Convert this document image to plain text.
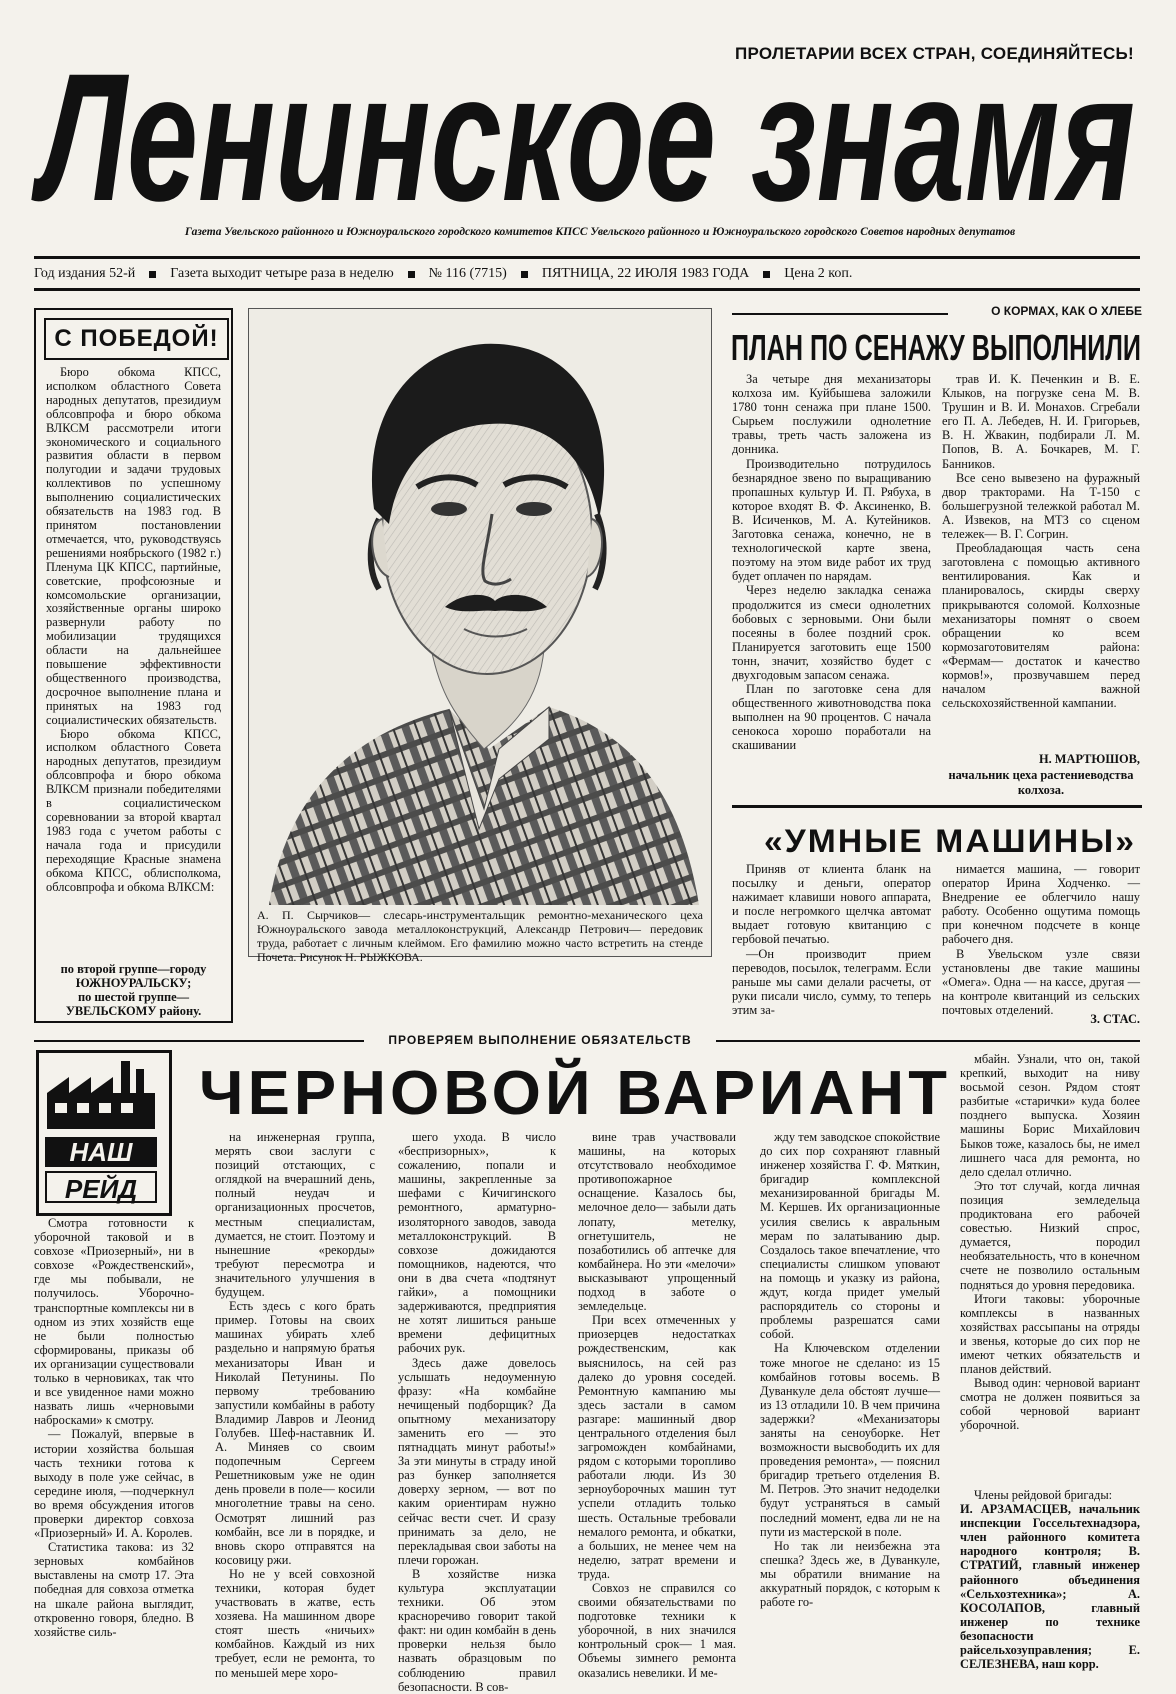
ПРОЛЕТАРИИ ВСЕХ СТРАН, СОЕДИНЯЙТЕСЬ!
Ленинское знамя
Газета Увельского районного и Южноуральского городского комитетов КПСС Увельского районного и Южноуральского городского Советов народных депутатов
Год издания 52-й	Газета выходит четыре раза в неделю	№ 116 (7715)	ПЯТНИЦА, 22 ИЮЛЯ 1983 ГОДА	Цена 2 коп.
С ПОБЕДОЙ!

Бюро обкома КПСС, исполком областного Совета народных депутатов, президиум облсовпрофа и бюро обкома ВЛКСМ рассмотрели итоги экономического и социального развития области в первом полугодии и задачи трудовых коллективов по успешному выполнению социалистических обязательств на 1983 год. В принятом постановлении отмечается, что, руководствуясь решениями ноябрьского (1982 г.) Пленума ЦК КПСС, партийные, советские, профсоюзные и комсомольские организации, хозяйственные органы широко развернули работу по мобилизации трудящихся области на дальнейшее повышение эффективности общественного производства, досрочное выполнение плана и принятых на 1983 год социалистических обязательств.

Бюро обкома КПСС, исполком областного Совета народных депутатов, президиум облсовпрофа и бюро обкома ВЛКСМ признали победителями в социалистическом соревновании за второй квартал 1983 года с учетом работы с начала года и присудили переходящие Красные знамена обкома КПСС, облисполкома, облсовпрофа и обкома ВЛКСМ:

по второй группе—городу ЮЖНОУРАЛЬСКУ;
по шестой группе—УВЕЛЬСКОМУ району.
А. П. Сырчиков— слесарь-инструментальщик ремонтно-механического цеха Южноуральского завода металлоконструкций, Александр Петрович— передовик труда, работает с личным клеймом. Его фамилию можно часто встретить на стенде Почета. Рисунок Н. РЫЖКОВА.
О КОРМАХ, КАК О ХЛЕБЕ
ПЛАН ПО СЕНАЖУ ВЫПОЛНИЛИ

За четыре дня механизаторы колхоза им. Куйбышева заложили 1780 тонн сенажа при плане 1500. Сырьем послужили однолетние травы, треть часть заложена из донника.

Производительно потрудилось безнарядное звено по выращиванию пропашных культур И. П. Рябуха, в которое входят В. Ф. Аксиненко, В. В. Исиченков, М. А. Кутейников. Заготовка сенажа, конечно, не в технологической карте звена, поэтому на этом виде работ их труд будет оплачен по нарядам.

Через неделю закладка сенажа продолжится из смеси однолетних бобовых с зерновыми. Они были посеяны в более поздний срок. Планируется заготовить еще 1500 тонн, значит, хозяйство будет с двухгодовым запасом сенажа.

План по заготовке сена для общественного животноводства пока выполнен на 90 процентов. С начала сенокоса хорошо поработали на скашивании

трав И. К. Печенкин и В. Е. Клыков, на погрузке сена М. В. Трушин и В. И. Монахов. Сгребали его П. А. Лебедев, Н. И. Григорьев, В. Н. Жвакин, подбирали Л. М. Попов, В. А. Бочкарев, М. Г. Банников.

Все сено вывезено на фуражный двор тракторами. На Т-150 с большегрузной тележкой работал М. А. Извеков, на МТЗ со сценом тележек— В. Г. Согрин.

Преобладающая часть сена заготовлена с помощью активного вентилирования. Как и планировалось, скирды сверху прикрываются соломой. Колхозные механизаторы помнят о своем обращении ко всем кормозаготовителям района: «Фермам— достаток и качество кормов!», прозвучавшем перед началом важной сельскохозяйственной кампании.

Н. МАРТЮШОВ,
начальник цеха растениеводства колхоза.
«УМНЫЕ МАШИНЫ»

Приняв от клиента бланк на посылку и деньги, оператор нажимает клавиши нового аппарата, и после негромкого щелчка автомат выдает готовую квитанцию с гербовой печатью.

—Он производит прием переводов, посылок, телеграмм. Если раньше мы сами делали расчеты, от руки писали число, сумму, то теперь этим за-

нимается машина, — говорит оператор Ирина Ходченко. — Внедрение ее облегчило нашу работу. Особенно ощутима помощь при конечном подсчете в конце рабочего дня.

В Увельском узле связи установлены две такие машины «Омега». Одна — на кассе, другая — на контроле квитанций из сельских почтовых отделений.

З. СТАС.
ПРОВЕРЯЕМ ВЫПОЛНЕНИЕ ОБЯЗАТЕЛЬСТВ
НАШ
РЕЙД
ЧЕРНОВОЙ ВАРИАНТ

Смотра готовности к уборочной таковой и в совхозе «Приозерный», ни в совхозе «Рождественский», где мы побывали, не получилось. Уборочно-транспортные комплексы ни в одном из этих хозяйств еще не были полностью сформированы, приказы об их организации существовали только в черновиках, так что и все увиденное нами можно назвать лишь «черновыми набросками» к смотру.

— Пожалуй, впервые в истории хозяйства большая часть техники готова к выходу в поле уже сейчас, в середине июля, —подчеркнул во время обсуждения итогов проверки директор совхоза «Приозерный» И. А. Королев.

Статистика такова: из 32 зерновых комбайнов выставлены на смотр 17. Эта победная для совхоза отметка на шкале района выглядит, откровенно говоря, бледно. В хозяйстве силь-

на инженерная группа, мерять свои заслуги с позиций отстающих, с оглядкой на вчерашний день, полный неудач и организационных просчетов, местным специалистам, думается, не стоит. Поэтому и нынешние «рекорды» требуют пересмотра и значительного улучшения в будущем.

Есть здесь с кого брать пример. Готовы на своих машинах убирать хлеб раздельно и напрямую братья механизаторы Иван и Николай Петунины. По первому требованию запустили комбайны в работу Владимир Лавров и Леонид Голубев. Шеф-наставник И. А. Миняев со своим подопечным Сергеем Решетниковым уже не один день провели в поле— косили многолетние травы на сено. Осмотрят лишний раз комбайн, все ли в порядке, и вновь скоро отправятся на косовицу ржи.

Но не у всей совхозной техники, которая будет участвовать в жатве, есть хозяева. На машинном дворе стоят шесть «ничьих» комбайнов. Каждый из них требует, если не ремонта, то по меньшей мере хоро-

шего ухода. В число «беспризорных», к сожалению, попали и машины, закрепленные за шефами с Кичигинского ремонтного, арматурно-изоляторного заводов, завода металлоконструкций. В совхозе дожидаются помощников, надеются, что они в два счета «подтянут гайки», а помощники задерживаются, предприятия не хотят лишиться раньше времени дефицитных рабочих рук.

Здесь даже довелось услышать недоуменную фразу: «На комбайне нечищеный подборщик? Да опытному механизатору заменить его — это пятнадцать минут работы!» За эти минуты в страду иной раз бункер заполняется доверху зерном, — вот по каким ориентирам нужно сейчас вести счет. И сразу принимать за дело, не перекладывая свои заботы на плечи горожан.

В хозяйстве низка культура эксплуатации техники. Об этом красноречиво говорит такой факт: ни один комбайн в день проверки нельзя было назвать образцовым по соблюдению правил безопасности. В сов-

вине трав участвовали машины, на которых отсутствовало необходимое противопожарное оснащение. Казалось бы, мелочное дело— забыли дать лопату, метелку, огнетушитель, не позаботились об аптечке для комбайнера. Но эти «мелочи» высказывают упрощенный подход в заботе о земледельце.

При всех отмеченных у приозерцев недостатках рождественским, как выяснилось, на сей раз далеко до уровня соседей. Ремонтную кампанию мы здесь застали в самом разгаре: машинный двор центрального отделения был загроможден комбайнами, рядом с которыми торопливо работали люди. Из 30 зерноуборочных машин тут успели отладить только шесть. Остальные требовали немалого ремонта, и обкатки, а больших, не менее чем на неделю, затрат времени и труда.

Совхоз не справился со своими обязательствами по подготовке техники к уборочной, в них значился контрольный срок— 1 мая. Объемы зимнего ремонта оказались невелики. И ме-

жду тем заводское спокойствие до сих пор сохраняют главный инженер хозяйства Г. Ф. Мяткин, бригадир комплексной механизированной бригады М. М. Кершев. Их организационные усилия свелись к авральным мерам по залатыванию дыр. Создалось такое впечатление, что специалисты слишком уповают на помощь и указку из района, ждут, когда придет умелый распорядитель со стороны и проблемы разрешатся сами собой.

На Ключевском отделении тоже многое не сделано: из 15 комбайнов готовы восемь. В Дуванкуле дела обстоят лучше—из 13 отладили 10. В чем причина задержки? «Механизаторы заняты на сеноуборке. Нет возможности высвободить их для проведения ремонта», — пояснил бригадир третьего отделения В. М. Петров. Это значит недоделки будут устраняться в самый последний момент, едва ли не на пути из мастерской в поле.

Но так ли неизбежна эта спешка? Здесь же, в Дуванкуле, мы обратили внимание на аккуратный порядок, с которым к работе го-

мбайн. Узнали, что он, такой крепкий, выходит на ниву восьмой сезон. Рядом стоят разбитые «старички» куда более позднего выпуска. Хозяин машины Борис Михайлович Быков тоже, казалось бы, не имел лишнего часа для ремонта, но дело сделал отлично.

Это тот случай, когда личная позиция земледельца продиктована его рабочей совестью. Низкий спрос, думается, породил необязательность, что в конечном счете не позволило остальным подняться до уровня передовика.

Итоги таковы: уборочные комплексы в названных хозяйствах рассыпаны на отряды и звенья, которые до сих пор не имеют четких обязательств и планов действий.

Вывод один: черновой вариант смотра не должен появиться за собой черновой вариант уборочной.

Члены рейдовой бригады:
И. АРЗАМАСЦЕВ, начальник инспекции Госсельтехнадзора, член районного комитета народного контроля; В. СТРАТИЙ, главный инженер районного объединения «Сельхозтехника»; А. КОСОЛАПОВ, главный инженер по технике безопасности райсельхозуправления; Е. СЕЛЕЗНЕВА, наш корр.
